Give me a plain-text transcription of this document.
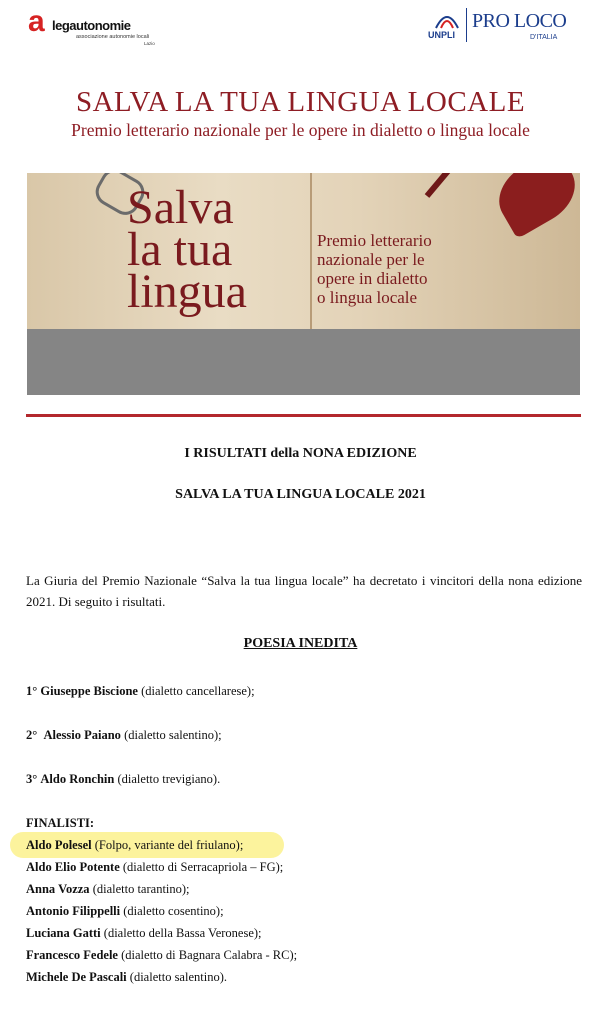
a legautonomie
associazione autonomie locali
Lazio
UNPLI
PRO LOCO
D'ITALIA
SALVA LA TUA LINGUA LOCALE
Premio letterario nazionale per le opere in dialetto o lingua locale
Salva
la tua
lingua
Premio letterario
nazionale per le
opere in dialetto
o lingua locale
I RISULTATI della NONA EDIZIONE
SALVA LA TUA LINGUA LOCALE 2021
La Giuria del Premio Nazionale “Salva la tua lingua locale” ha decretato i vincitori della nona edizione 2021. Di seguito i risultati.
POESIA INEDITA
1° Giuseppe Biscione (dialetto cancellarese);
2° Alessio Paiano (dialetto salentino);
3° Aldo Ronchin (dialetto trevigiano).
FINALISTI:
Aldo Polesel (Folpo, variante del friulano);
Aldo Elio Potente (dialetto di Serracapriola – FG);
Anna Vozza (dialetto tarantino);
Antonio Filippelli (dialetto cosentino);
Luciana Gatti (dialetto della Bassa Veronese);
Francesco Fedele (dialetto di Bagnara Calabra - RC);
Michele De Pascali (dialetto salentino).
